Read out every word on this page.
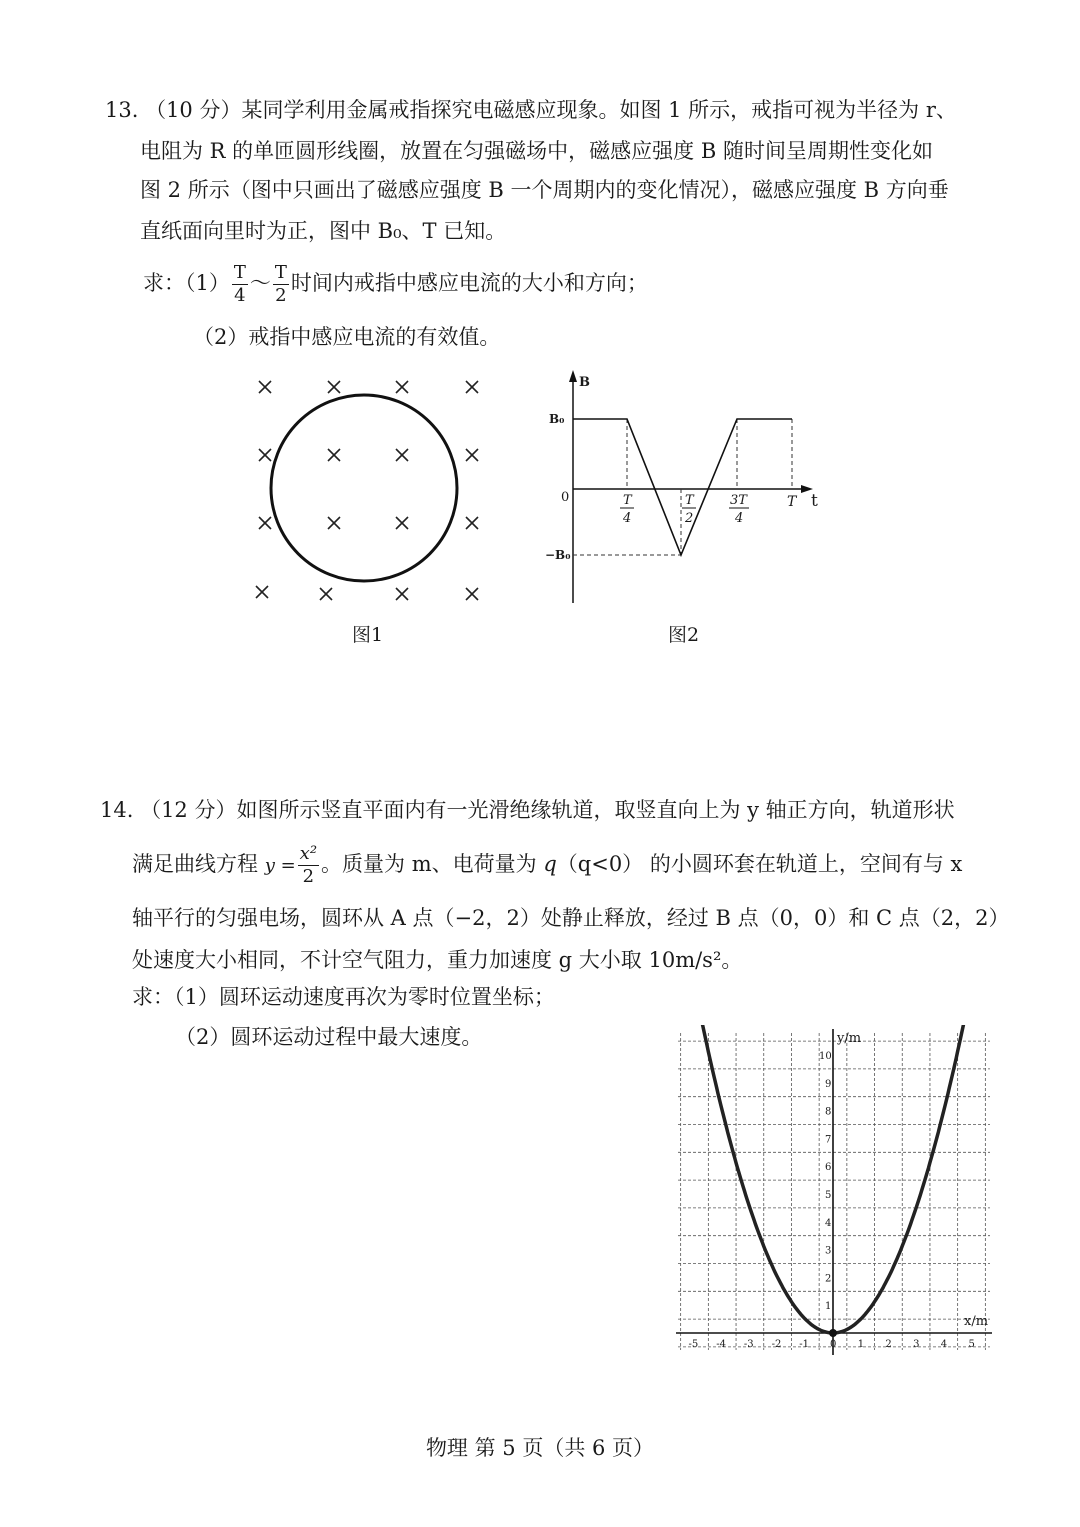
13. （10 分）某同学利用金属戒指探究电磁感应现象。如图 1 所示，戒指可视为半径为 r、
电阻为 R 的单匝圆形线圈，放置在匀强磁场中，磁感应强度 B 随时间呈周期性变化如
图 2 所示（图中只画出了磁感应强度 B 一个周期内的变化情况），磁感应强度 B 方向垂
直纸面向里时为正，图中 B₀、T 已知。
求：$(1) \frac{T}{4}$ ～ $\frac{T}{2}$ 时间内戒指中感应电流的大小和方向；
（2）戒指中感应电流的有效值。
图1
B
B₀
0
−B₀
T
4
T
2
3T
4
T t
图2
14. （12 分）如图所示竖直平面内有一光滑绝缘轨道，取竖直向上为 y 轴正方向，轨道形状
满足曲线方程 $y = \frac{\text{x²}}{2}$ 。质量为 m、电荷量为 q（q<0） 的小圆环套在轨道上，空间有与 x
轴平行的匀强电场，圆环从 A 点（−2，2）处静止释放，经过 B 点（0，0）和 C 点（2，2）
处速度大小相同，不计空气阻力，重力加速度 g 大小取 10m/s²。
求：（1）圆环运动速度再次为零时位置坐标；
（2）圆环运动过程中最大速度。
-5 -4 -3 -2 -1 0 1 2 3 4 5
1
2
3
4
5
6
7
8
9
10
y/m
x/m
物理 第 5 页（共 6 页）
